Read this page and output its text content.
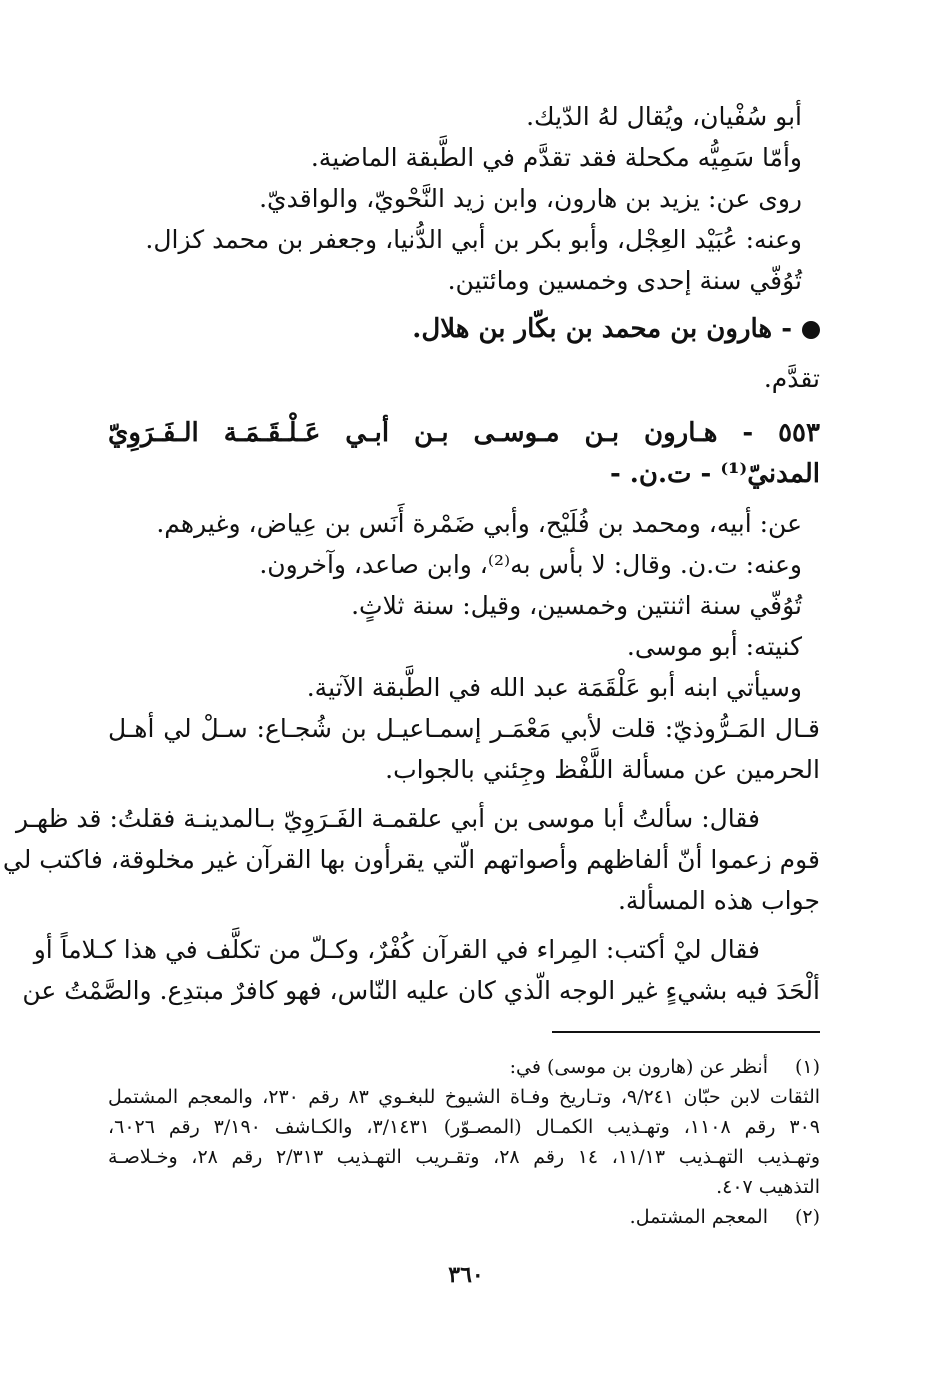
أبو سُفْيان، ويُقال لهُ الدّيك.
وأمّا سَمِيُّه مكحلة فقد تقدَّم في الطَّبقة الماضية.
روى عن: يزيد بن هارون، وابن زيد النَّحْويّ، والواقديّ.
وعنه: عُبَيْد العِجْل، وأبو بكر بن أبي الدُّنيا، وجعفر بن محمد كزال.
تُوُفّي سنة إحدى وخمسين ومائتين.
- هارون بن محمد بن بكّار بن هلال.
تقدَّم.
٥٥٣ - هـارون بـن مـوسـى بـن أبـي عَـلْـقَـمَـة الـفَـرَوِيّ
المدنيّ⁽¹⁾ - ت.ن. -
عن: أبيه، ومحمد بن فُلَيْح، وأبي ضَمْرة أَنَس بن عِياض، وغيرهم.
وعنه: ت.ن. وقال: لا بأس به⁽²⁾، وابن صاعد، وآخرون.
تُوُفّي سنة اثنتين وخمسين، وقيل: سنة ثلاثٍ.
كنيته: أبو موسى.
وسيأتي ابنه أبو عَلْقَمَة عبد الله في الطَّبقة الآتية.
قـال المَـرُّوذيّ: قلت لأبي مَعْمَـر إسمـاعيـل بن شُجـاع: سـلْ لي أهـل
الحرمين عن مسألة اللَّفْظ وجِئني بالجواب.
فقال: سألتُ أبا موسى بن أبي علقمـة الفَـرَوِيّ بـالمدينـة فقلتُ: قد ظهـر
قوم زعموا أنّ ألفاظهم وأصواتهم الّتي يقرأون بها القرآن غير مخلوقة، فاكتب لي
جواب هذه المسألة.
فقال ليْ أكتب: المِراء في القرآن كُفْرٌ، وكـلّ من تكلَّف في هذا كـلاماً أو
ألْحَدَ فيه بشيءٍ غير الوجه الّذي كان عليه النّاس، فهو كافرٌ مبتدِع. والصَّمْتُ عن
(١)
أنظر عن (هارون بن موسى) في:
الثقات لابن حبّان ٩/٢٤١، وتـاريخ وفـاة الشيوخ للبغـوي ٨٣ رقم ٢٣٠، والمعجم المشتمل
٣٠٩ رقم ١١٠٨، وتهـذيب الكمـال (المصـوّر) ٣/١٤٣١، والكـاشف ٣/١٩٠ رقم ٦٠٢٦،
وتهـذيب التهـذيب ١١/١٣، ١٤ رقم ٢٨، وتقـريب التهـذيب ٢/٣١٣ رقم ٢٨، وخـلاصـة
التذهيب ٤٠٧.
(٢)
المعجم المشتمل.
٣٦٠
